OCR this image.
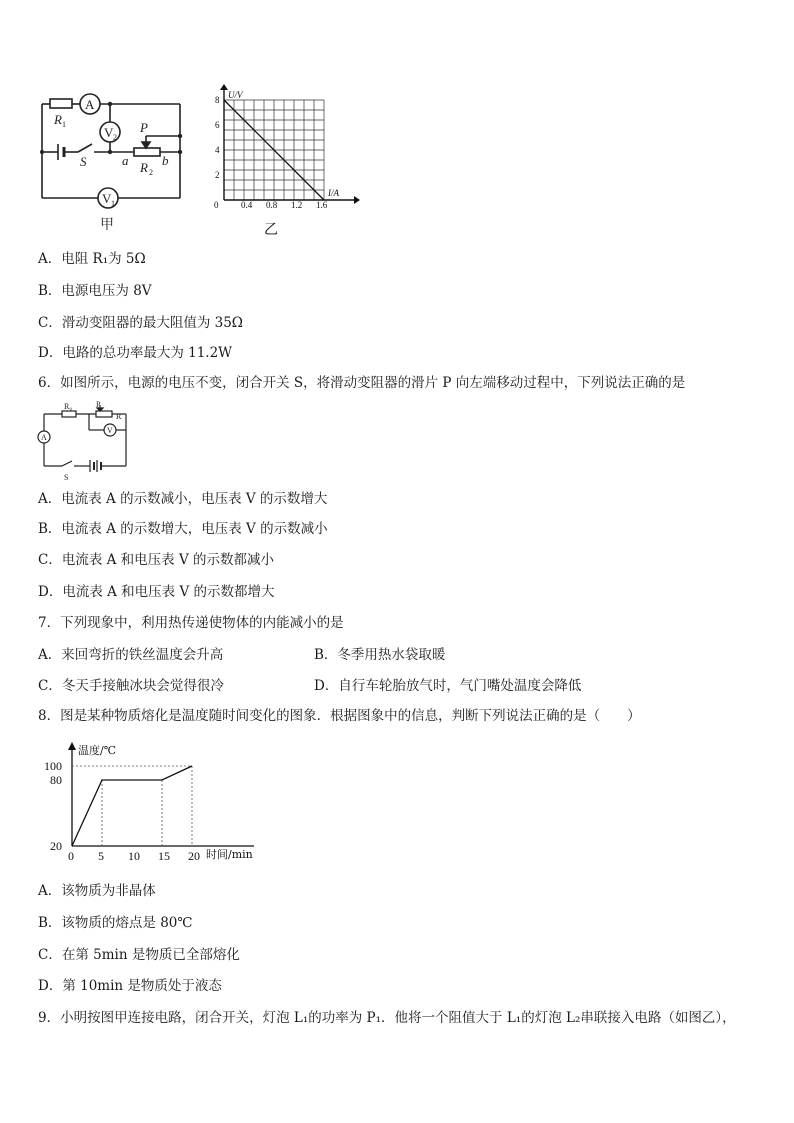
A
R 1
V 2
P
S	a	b
R 2
V 1
甲
U/V
I/A
2
4
6
8
0	0.4 0.8 1.2 1.6
乙
A．电阻 R₁为 5Ω
B．电源电压为 8V
C．滑动变阻器的最大阻值为 35Ω
D．电路的总功率最大为 11.2W
6．如图所示，电源的电压不变，闭合开关 S，将滑动变阻器的滑片 P 向左端移动过程中，下列说法正确的是
R₀	P
R
V
A
S
A．电流表 A 的示数减小，电压表 V 的示数增大
B．电流表 A 的示数增大，电压表 V 的示数减小
C．电流表 A 和电压表 V 的示数都减小
D．电流表 A 和电压表 V 的示数都增大
7．下列现象中，利用热传递使物体的内能减小的是
A．来回弯折的铁丝温度会升高	B．冬季用热水袋取暖
C．冬天手接触冰块会觉得很冷	D．自行车轮胎放气时，气门嘴处温度会降低
8．图是某种物质熔化是温度随时间变化的图象．根据图象中的信息，判断下列说法正确的是（　　）
0 5 10 15 20
20
80
100
温度/℃
时间/min
A．该物质为非晶体
B．该物质的熔点是 80℃
C．在第 5min 是物质已全部熔化
D．第 10min 是物质处于液态
9．小明按图甲连接电路，闭合开关，灯泡 L₁的功率为 P₁．他将一个阻值大于 L₁的灯泡 L₂串联接入电路（如图乙），
